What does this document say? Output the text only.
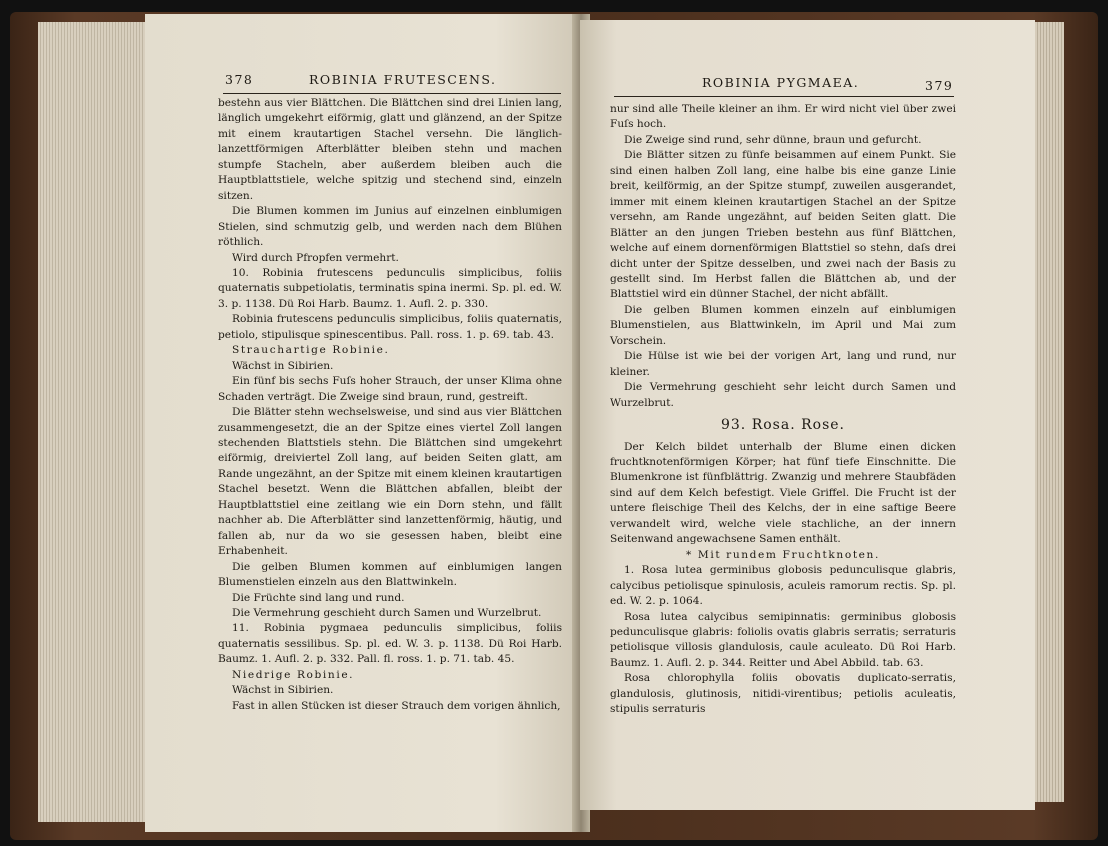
378	ROBINIA FRUTESCENS.

bestehn aus vier Blättchen. Die Blättchen sind drei Linien lang, länglich umgekehrt eiförmig, glatt und glänzend, an der Spitze mit einem krautartigen Stachel versehn. Die länglich-lanzettförmigen Afterblätter bleiben stehn und machen stumpfe Stacheln, aber außerdem bleiben auch die Hauptblattstiele, welche spitzig und stechend sind, einzeln sitzen.

Die Blumen kommen im Junius auf einzelnen einblumigen Stielen, sind schmutzig gelb, und werden nach dem Blühen röthlich.

Wird durch Pfropfen vermehrt.

10. Robinia frutescens pedunculis simplicibus, foliis quaternatis subpetiolatis, terminatis spina inermi. Sp. pl. ed. W. 3. p. 1138. Dü Roi Harb. Baumz. 1. Aufl. 2. p. 330.

Robinia frutescens pedunculis simplicibus, foliis quaternatis, petiolo, stipulisque spinescentibus. Pall. ross. 1. p. 69. tab. 43.

Strauchartige Robinie.

Wächst in Sibirien.

Ein fünf bis sechs Fuſs hoher Strauch, der unser Klima ohne Schaden verträgt. Die Zweige sind braun, rund, gestreift.

Die Blätter stehn wechselsweise, und sind aus vier Blättchen zusammengesetzt, die an der Spitze eines viertel Zoll langen stechenden Blattstiels stehn. Die Blättchen sind umgekehrt eiförmig, dreiviertel Zoll lang, auf beiden Seiten glatt, am Rande ungezähnt, an der Spitze mit einem kleinen krautartigen Stachel besetzt. Wenn die Blättchen abfallen, bleibt der Hauptblattstiel eine zeitlang wie ein Dorn stehn, und fällt nachher ab. Die Afterblätter sind lanzettenförmig, häutig, und fallen ab, nur da wo sie gesessen haben, bleibt eine Erhabenheit.

Die gelben Blumen kommen auf einblumigen langen Blumenstielen einzeln aus den Blattwinkeln.

Die Früchte sind lang und rund.

Die Vermehrung geschieht durch Samen und Wurzelbrut.

11. Robinia pygmaea pedunculis simplicibus, foliis quaternatis sessilibus. Sp. pl. ed. W. 3. p. 1138. Dü Roi Harb. Baumz. 1. Aufl. 2. p. 332. Pall. fl. ross. 1. p. 71. tab. 45.

Niedrige Robinie.

Wächst in Sibirien.

Fast in allen Stücken ist dieser Strauch dem vorigen ähnlich,

ROBINIA PYGMAEA.	379

nur sind alle Theile kleiner an ihm. Er wird nicht viel über zwei Fuſs hoch.

Die Zweige sind rund, sehr dünne, braun und gefurcht.

Die Blätter sitzen zu fünfe beisammen auf einem Punkt. Sie sind einen halben Zoll lang, eine halbe bis eine ganze Linie breit, keilförmig, an der Spitze stumpf, zuweilen ausgerandet, immer mit einem kleinen krautartigen Stachel an der Spitze versehn, am Rande ungezähnt, auf beiden Seiten glatt. Die Blätter an den jungen Trieben bestehn aus fünf Blättchen, welche auf einem dornenförmigen Blattstiel so stehn, daſs drei dicht unter der Spitze desselben, und zwei nach der Basis zu gestellt sind. Im Herbst fallen die Blättchen ab, und der Blattstiel wird ein dünner Stachel, der nicht abfällt.

Die gelben Blumen kommen einzeln auf einblumigen Blumenstielen, aus Blattwinkeln, im April und Mai zum Vorschein.

Die Hülse ist wie bei der vorigen Art, lang und rund, nur kleiner.

Die Vermehrung geschieht sehr leicht durch Samen und Wurzelbrut.

93. Rosa. Rose.

Der Kelch bildet unterhalb der Blume einen dicken fruchtknotenförmigen Körper; hat fünf tiefe Einschnitte. Die Blumenkrone ist fünfblättrig. Zwanzig und mehrere Staubfäden sind auf dem Kelch befestigt. Viele Griffel. Die Frucht ist der untere fleischige Theil des Kelchs, der in eine saftige Beere verwandelt wird, welche viele stachliche, an der innern Seitenwand angewachsene Samen enthält.

* Mit rundem Fruchtknoten.

1. Rosa lutea germinibus globosis pedunculisque glabris, calycibus petiolisque spinulosis, aculeis ramorum rectis. Sp. pl. ed. W. 2. p. 1064.

Rosa lutea calycibus semipinnatis: germinibus globosis pedunculisque glabris: foliolis ovatis glabris serratis; serraturis petiolisque villosis glandulosis, caule aculeato. Dü Roi Harb. Baumz. 1. Aufl. 2. p. 344. Reitter und Abel Abbild. tab. 63.

Rosa chlorophylla foliis obovatis duplicato-serratis, glandulosis, glutinosis, nitidi-virentibus; petiolis aculeatis, stipulis serraturis
